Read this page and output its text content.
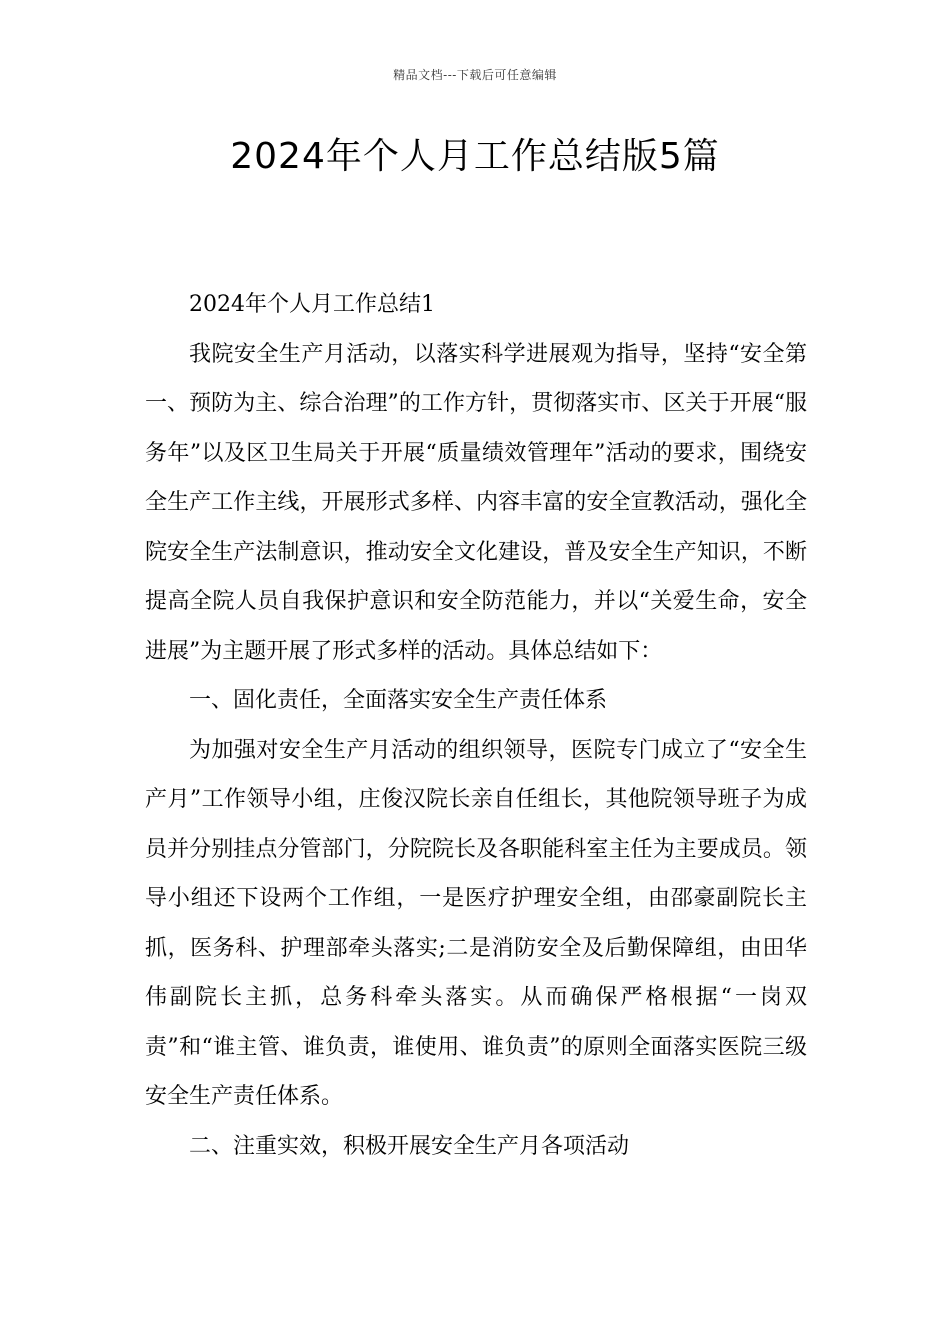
精品文档---下载后可任意编辑
2024年个人月工作总结版5篇

2024年个人月工作总结1

我院安全生产月活动，以落实科学进展观为指导，坚持“安全第一、预防为主、综合治理”的工作方针，贯彻落实市、区关于开展“服务年”以及区卫生局关于开展“质量绩效管理年”活动的要求，围绕安全生产工作主线，开展形式多样、内容丰富的安全宣教活动，强化全院安全生产法制意识，推动安全文化建设，普及安全生产知识，不断提高全院人员自我保护意识和安全防范能力，并以“关爱生命，安全进展”为主题开展了形式多样的活动。具体总结如下：

一、固化责任，全面落实安全生产责任体系

为加强对安全生产月活动的组织领导，医院专门成立了“安全生产月”工作领导小组，庄俊汉院长亲自任组长，其他院领导班子为成员并分别挂点分管部门，分院院长及各职能科室主任为主要成员。领导小组还下设两个工作组，一是医疗护理安全组，由邵豪副院长主抓，医务科、护理部牵头落实;二是消防安全及后勤保障组，由田华伟副院长主抓，总务科牵头落实。从而确保严格根据“一岗双责”和“谁主管、谁负责，谁使用、谁负责”的原则全面落实医院三级安全生产责任体系。

二、注重实效，积极开展安全生产月各项活动
